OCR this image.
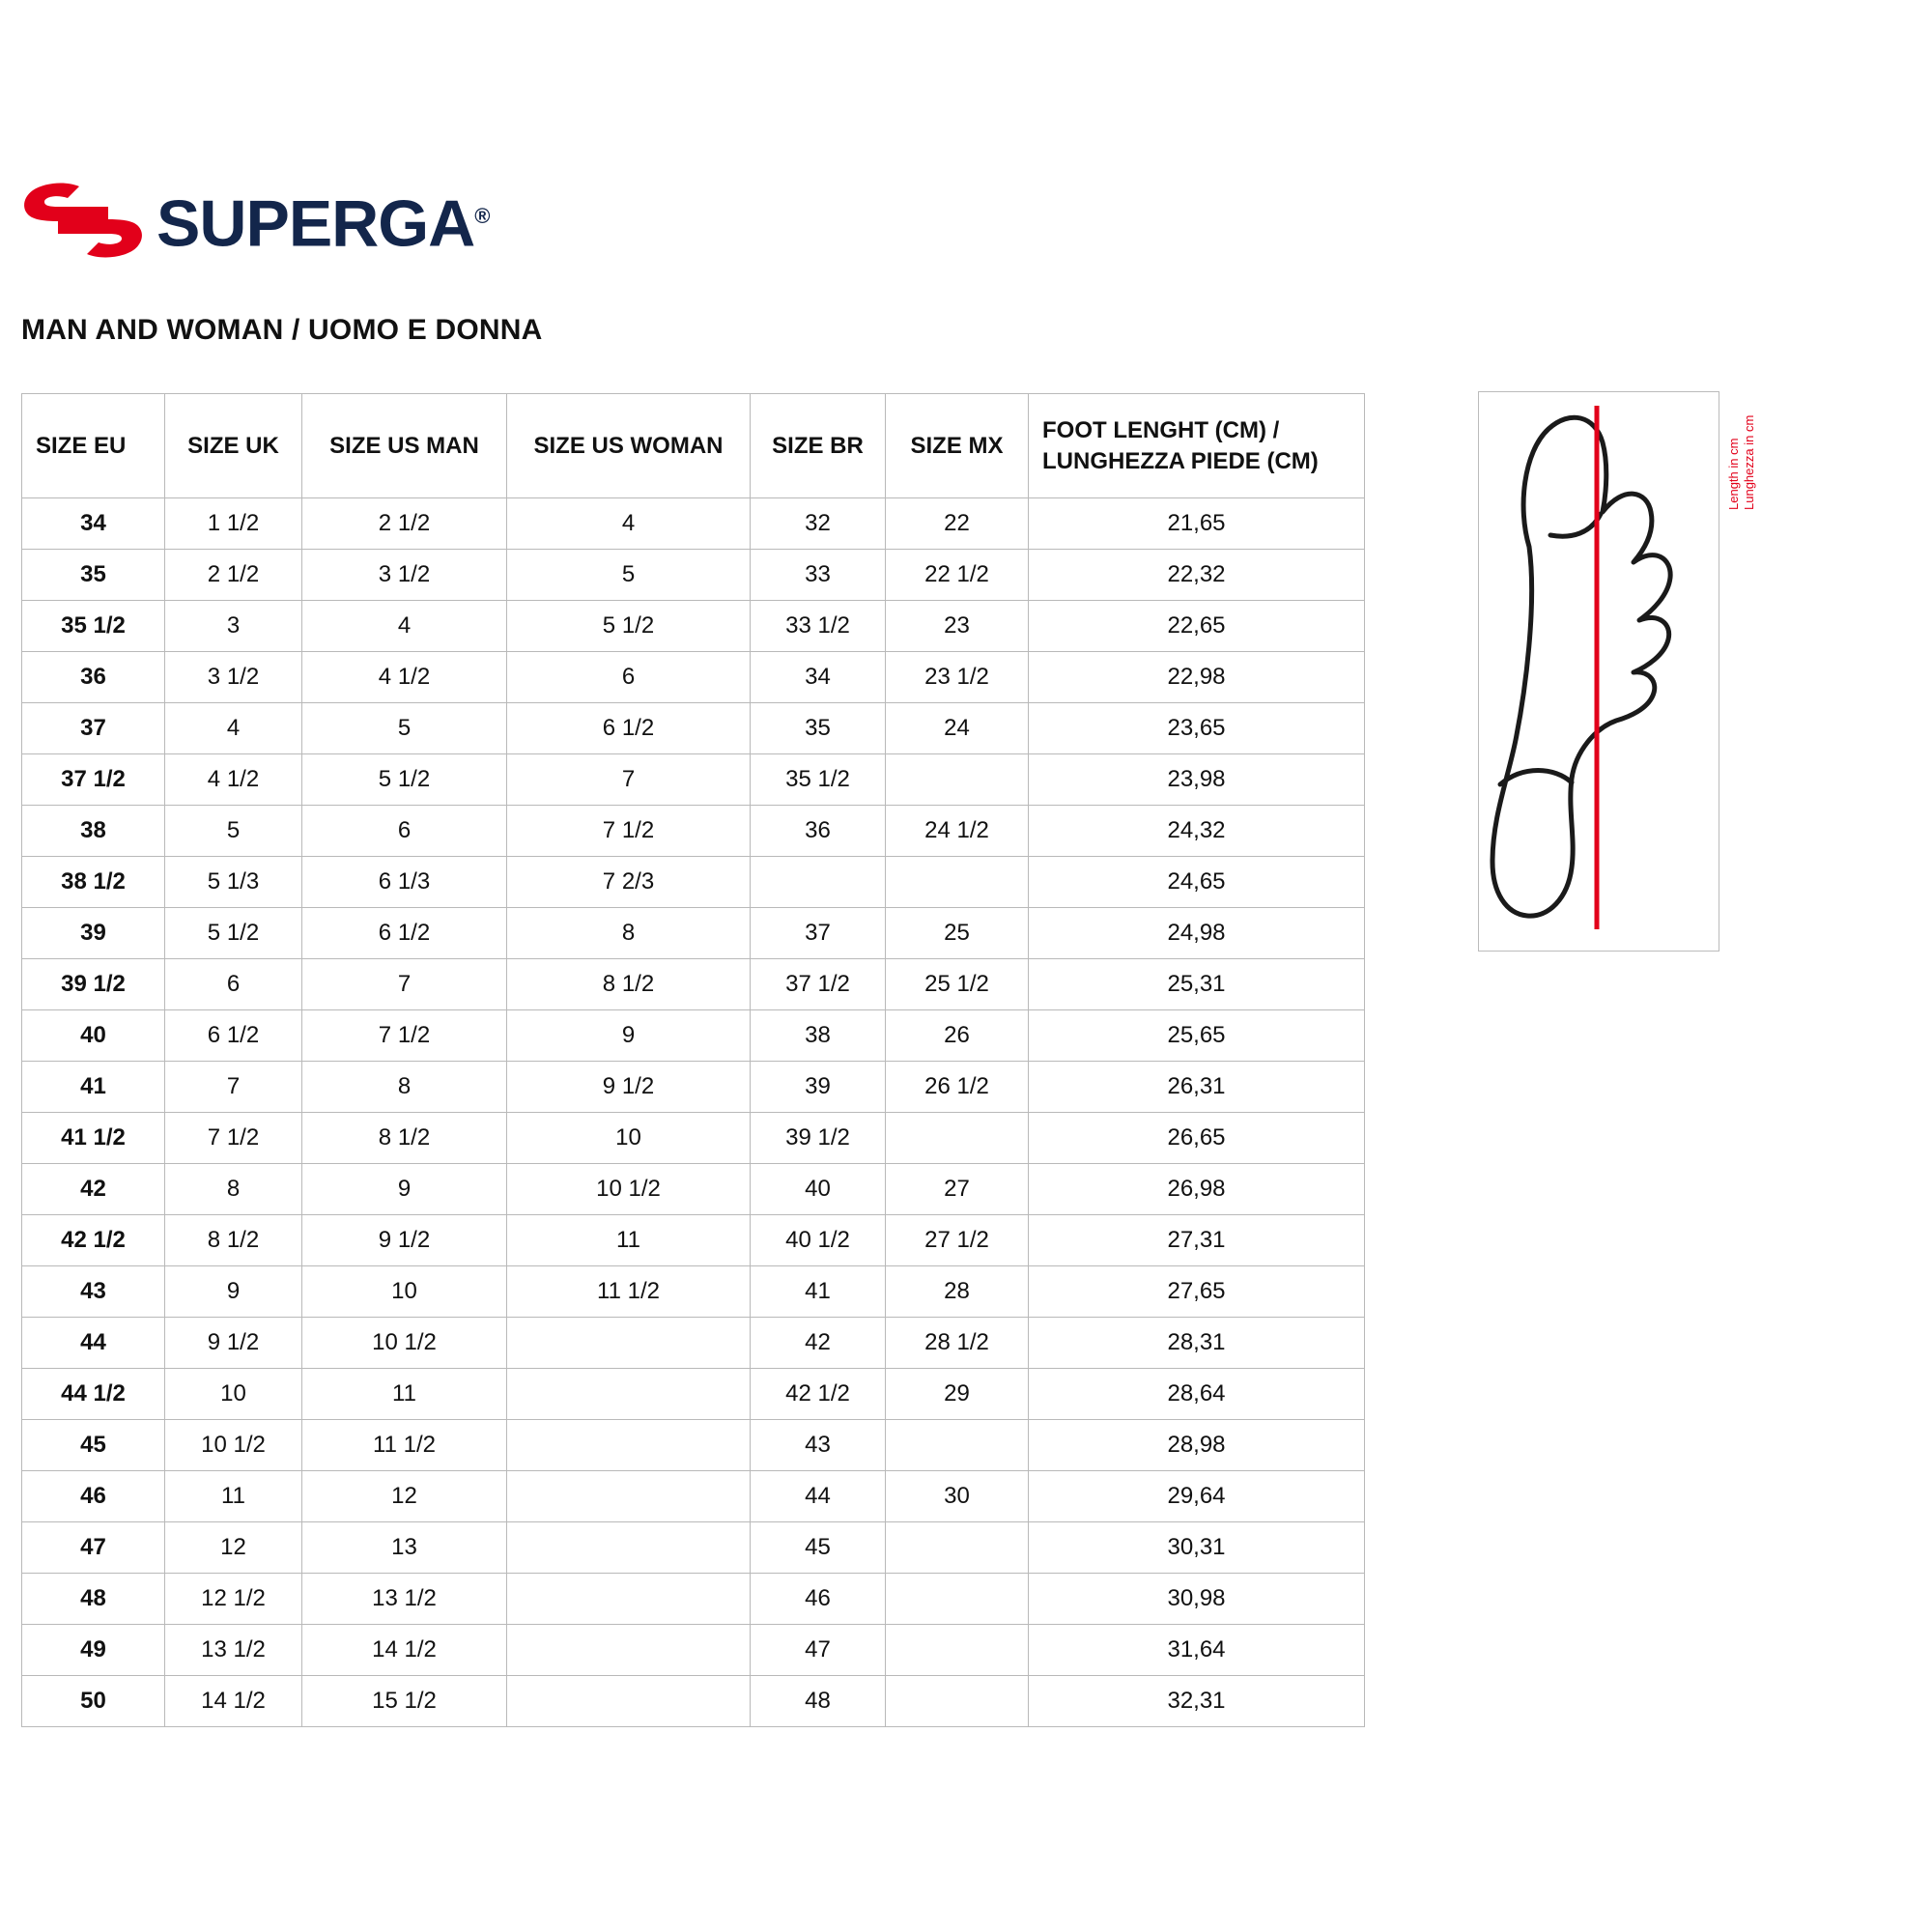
SUPERGA®
MAN AND WOMAN / UOMO E DONNA
SIZE EU	SIZE UK	SIZE US MAN	SIZE US WOMAN	SIZE BR	SIZE MX	FOOT LENGHT (CM) / LUNGHEZZA PIEDE (CM)
34	1 1/2	2 1/2	4	32	22	21,65
35	2 1/2	3 1/2	5	33	22 1/2	22,32
35 1/2	3	4	5 1/2	33 1/2	23	22,65
36	3 1/2	4 1/2	6	34	23 1/2	22,98
37	4	5	6 1/2	35	24	23,65
37 1/2	4 1/2	5 1/2	7	35 1/2		23,98
38	5	6	7 1/2	36	24 1/2	24,32
38 1/2	5 1/3	6 1/3	7 2/3			24,65
39	5 1/2	6 1/2	8	37	25	24,98
39 1/2	6	7	8 1/2	37 1/2	25 1/2	25,31
40	6 1/2	7 1/2	9	38	26	25,65
41	7	8	9 1/2	39	26 1/2	26,31
41 1/2	7 1/2	8 1/2	10	39 1/2		26,65
42	8	9	10 1/2	40	27	26,98
42 1/2	8 1/2	9 1/2	11	40 1/2	27 1/2	27,31
43	9	10	11 1/2	41	28	27,65
44	9 1/2	10 1/2		42	28 1/2	28,31
44 1/2	10	11		42 1/2	29	28,64
45	10 1/2	11 1/2		43		28,98
46	11	12		44	30	29,64
47	12	13		45		30,31
48	12 1/2	13 1/2		46		30,98
49	13 1/2	14 1/2		47		31,64
50	14 1/2	15 1/2		48		32,31
Length in cm Lunghezza in cm
